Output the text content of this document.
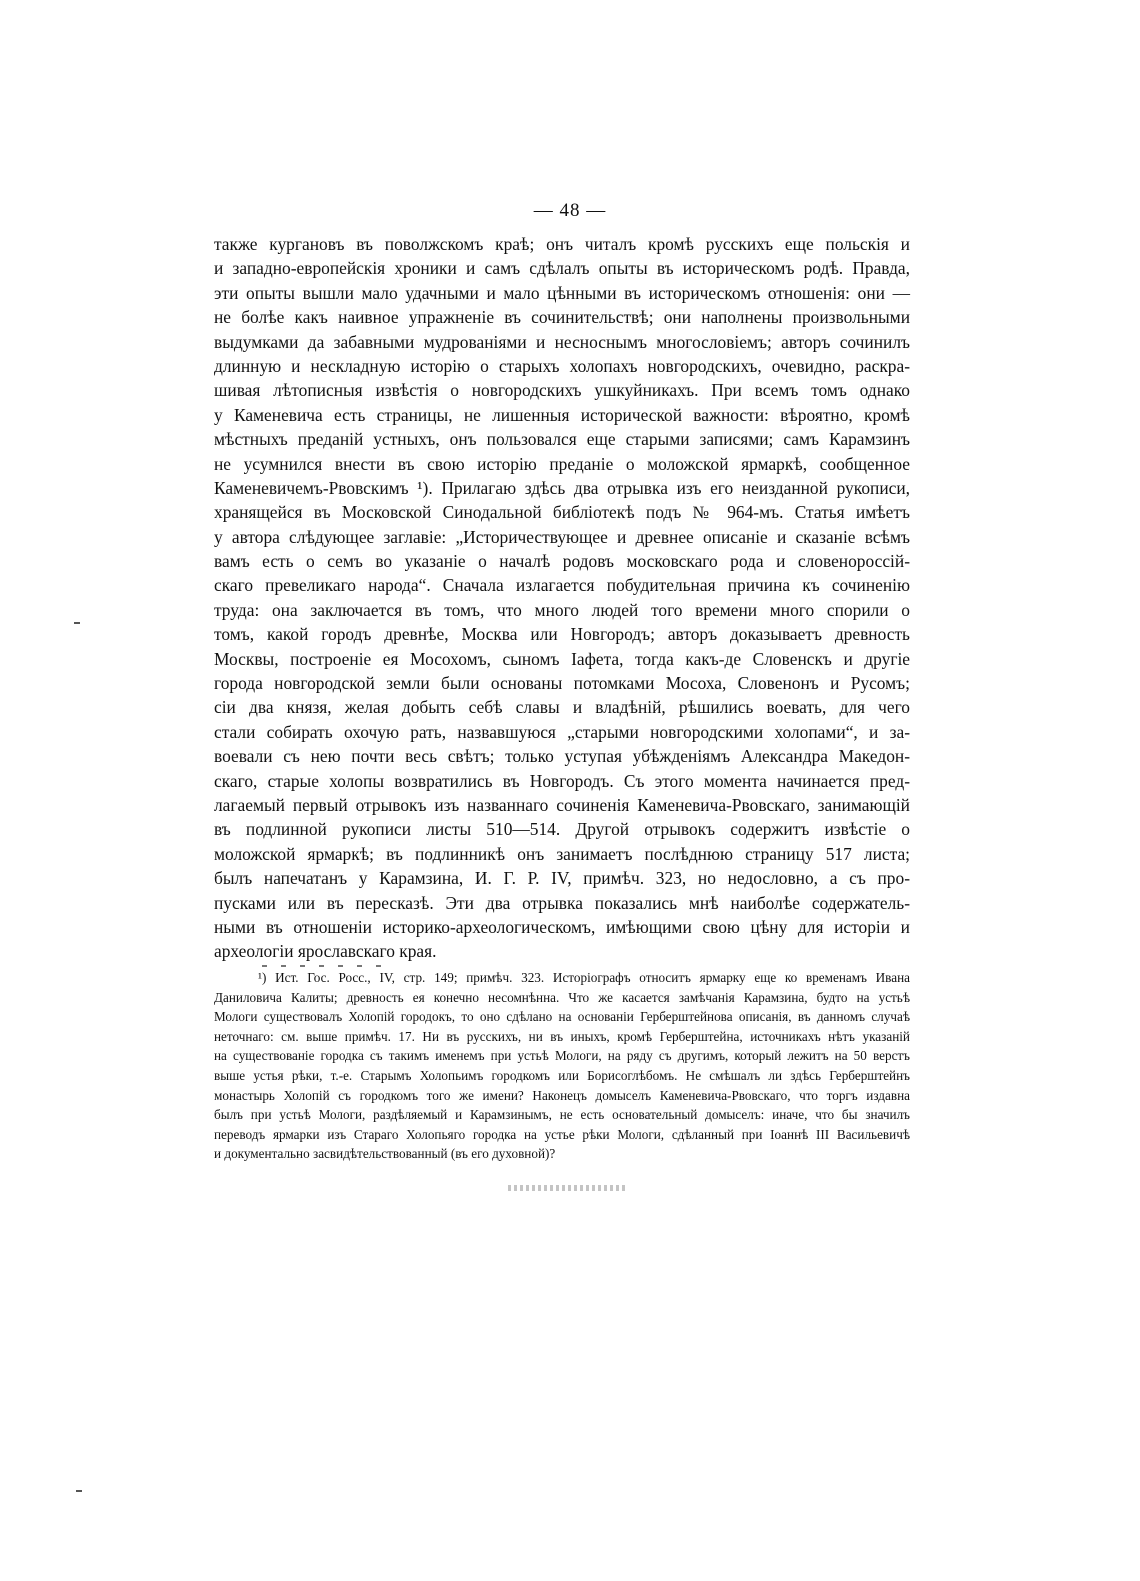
— 48 —
также кургановъ въ поволжскомъ краѣ; онъ читалъ кромѣ русскихъ еще польскія и
и западно-европейскія хроники и самъ сдѣлалъ опыты въ историческомъ родѣ. Правда,
эти опыты вышли мало удачными и мало цѣнными въ историческомъ отношенія: они —
не болѣе какъ наивное упражненіе въ сочинительствѣ; они наполнены произвольными
выдумками да забавными мудрованіями и несноснымъ многословіемъ; авторъ сочинилъ
длинную и нескладную исторію о старыхъ холопахъ новгородскихъ, очевидно, раскра-
шивая лѣтописныя извѣстія о новгородскихъ ушкуйникахъ. При всемъ томъ однако
у Каменевича есть страницы, не лишенныя исторической важности: вѣроятно, кромѣ
мѣстныхъ преданій устныхъ, онъ пользовался еще старыми записями; самъ Карамзинъ
не усумнился внести въ свою исторію преданіе о моложской ярмаркѣ, сообщенное
Каменевичемъ-Рвовскимъ ¹). Прилагаю здѣсь два отрывка изъ его неизданной рукописи,
хранящейся въ Московской Синодальной библіотекѣ подъ № 964-мъ. Статья имѣетъ
у автора слѣдующее заглавіе: „Историчествующее и древнее описаніе и сказаніе всѣмъ
вамъ есть о семъ во указаніе о началѣ родовъ московскаго рода и словенороссій-
скаго превеликаго народа“. Сначала излагается побудительная причина къ сочиненію
труда: она заключается въ томъ, что много людей того времени много спорили о
томъ, какой городъ древнѣе, Москва или Новгородъ; авторъ доказываетъ древность
Москвы, построеніе ея Мосохомъ, сыномъ Іафета, тогда какъ-де Словенскъ и другіе
города новгородской земли были основаны потомками Мосоха, Словенонъ и Русомъ;
сіи два князя, желая добыть себѣ славы и владѣній, рѣшились воевать, для чего
стали собирать охочую рать, назвавшуюся „старыми новгородскими холопами“, и за-
воевали съ нею почти весь свѣтъ; только уступая убѣжденіямъ Александра Македон-
скаго, старые холопы возвратились въ Новгородъ. Съ этого момента начинается пред-
лагаемый первый отрывокъ изъ названнаго сочиненія Каменевича-Рвовскаго, занимающій
въ подлинной рукописи листы 510—514. Другой отрывокъ содержитъ извѣстіе о
моложской ярмаркѣ; въ подлинникѣ онъ занимаетъ послѣднюю страницу 517 листа;
былъ напечатанъ у Карамзина, И. Г. Р. IV, примѣч. 323, но недословно, а съ про-
пусками или въ пересказѣ. Эти два отрывка показались мнѣ наиболѣе содержатель-
ными въ отношеніи историко-археологическомъ, имѣющими свою цѣну для исторіи и
археологіи ярославскаго края.
¹) Ист. Гос. Росс., IV, стр. 149; примѣч. 323. Исторіографъ относитъ ярмарку еще ко временамъ Ивана
Даниловича Калиты; древность ея конечно несомнѣнна. Что же касается замѣчанія Карамзина, будто на устьѣ
Мологи существовалъ Холопій городокъ, то оно сдѣлано на основаніи Герберштейнова описанія, въ данномъ случаѣ
неточнаго: см. выше примѣч. 17. Ни въ русскихъ, ни въ иныхъ, кромѣ Герберштейна, источникахъ нѣтъ указаній
на существованіе городка съ такимъ именемъ при устьѣ Мологи, на ряду съ другимъ, который лежитъ на 50 верстъ
выше устья рѣки, т.-е. Старымъ Холопьимъ городкомъ или Борисоглѣбомъ. Не смѣшалъ ли здѣсь Герберштейнъ
монастырь Холопій съ городкомъ того же имени? Наконецъ домыселъ Каменевича-Рвовскаго, что торгъ издавна
былъ при устьѣ Мологи, раздѣляемый и Карамзинымъ, не есть основательный домыселъ: иначе, что бы значилъ
переводъ ярмарки изъ Стараго Холопьяго городка на устье рѣки Мологи, сдѣланный при Іоаннѣ III Васильевичѣ
и документально засвидѣтельствованный (въ его духовной)?
